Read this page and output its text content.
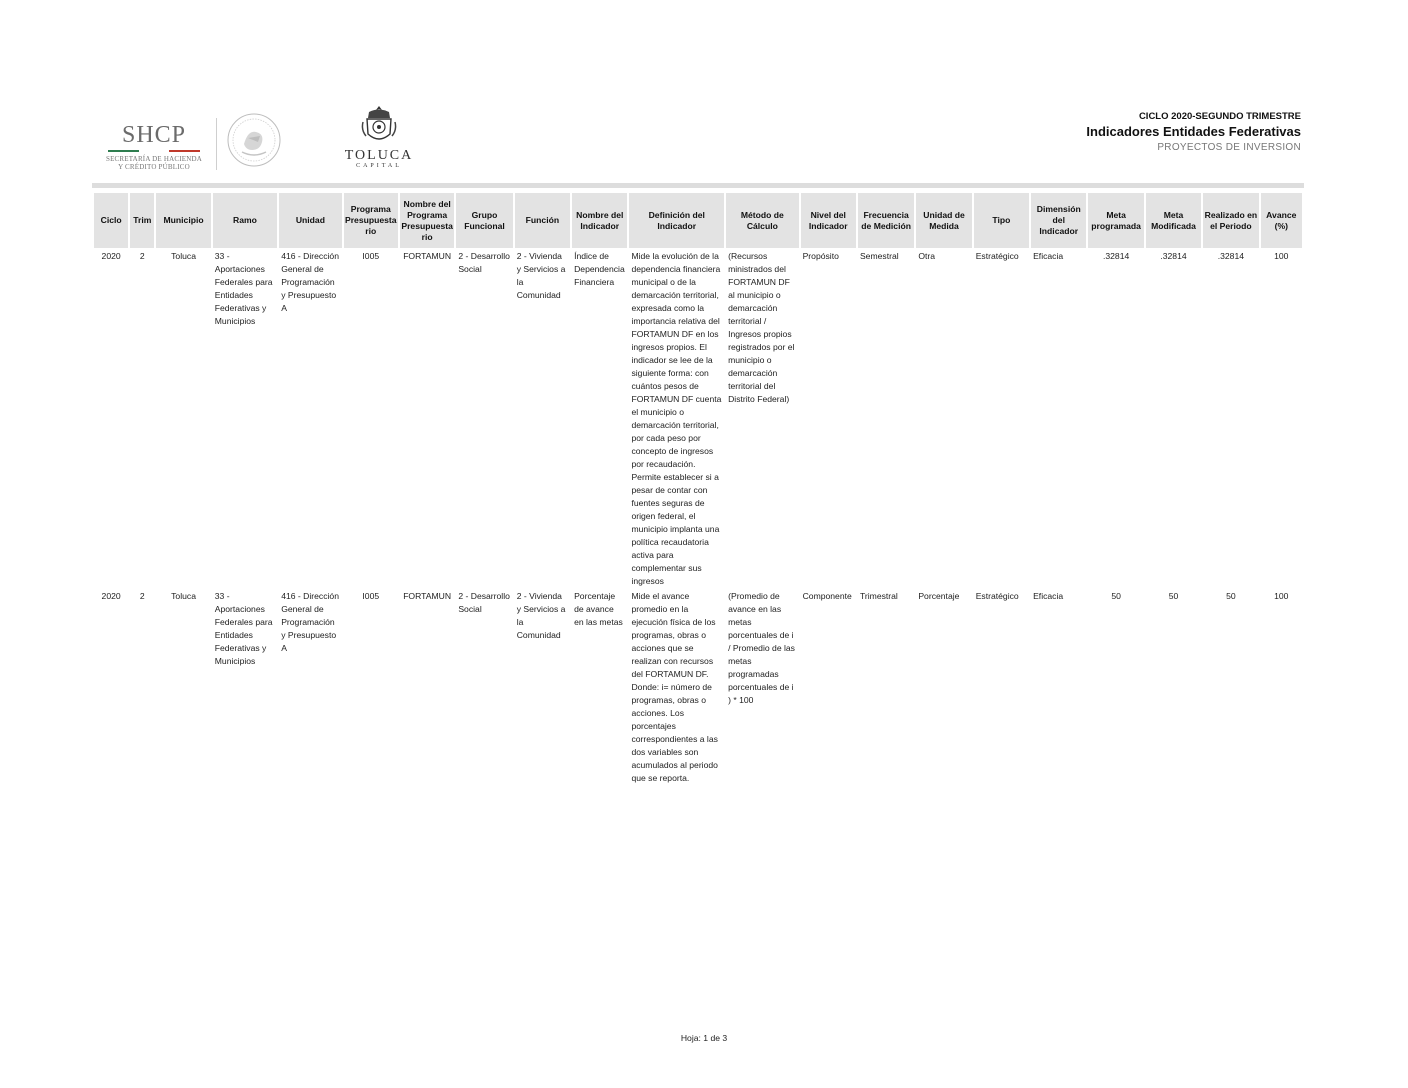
SHCP
SECRETARÍA DE HACIENDA
Y CRÉDITO PÚBLICO
TOLUCA
CAPITAL
CICLO 2020-SEGUNDO TRIMESTRE
Indicadores Entidades Federativas
PROYECTOS DE INVERSION
Ciclo	Trim	Municipio	Ramo	Unidad	Programa Presupuesta rio	Nombre del Programa Presupuesta rio	Grupo Funcional	Función	Nombre del Indicador	Definición del Indicador	Método de Cálculo	Nivel del Indicador	Frecuencia de Medición	Unidad de Medida	Tipo	Dimensión del Indicador	Meta programada	Meta Modificada	Realizado en el Periodo	Avance (%)
2020	2	Toluca	33 - Aportaciones Federales para Entidades Federativas y Municipios	416 - Dirección General de Programación y Presupuesto A	I005	FORTAMUN	2 - Desarrollo Social	2 - Vivienda y Servicios a la Comunidad	Índice de Dependencia Financiera	Mide la evolución de la dependencia financiera municipal o de la demarcación territorial, expresada como la importancia relativa del FORTAMUN DF en los ingresos propios. El indicador se lee de la siguiente forma: con cuántos pesos de FORTAMUN DF cuenta el municipio o demarcación territorial, por cada peso por concepto de ingresos por recaudación. Permite establecer si a pesar de contar con fuentes seguras de origen federal, el municipio implanta una política recaudatoria activa para complementar sus ingresos	(Recursos ministrados del FORTAMUN DF al municipio o demarcación territorial / Ingresos propios registrados por el municipio o demarcación territorial del Distrito Federal)	Propósito	Semestral	Otra	Estratégico	Eficacia	.32814	.32814	.32814	100
2020	2	Toluca	33 - Aportaciones Federales para Entidades Federativas y Municipios	416 - Dirección General de Programación y Presupuesto A	I005	FORTAMUN	2 - Desarrollo Social	2 - Vivienda y Servicios a la Comunidad	Porcentaje de avance en las metas	Mide el avance promedio en la ejecución física de los programas, obras o acciones que se realizan con recursos del FORTAMUN DF. Donde: i= número de programas, obras o acciones. Los porcentajes correspondientes a las dos variables son acumulados al periodo que se reporta.	(Promedio de avance en las metas porcentuales de i / Promedio de las metas programadas porcentuales de i ) * 100	Componente	Trimestral	Porcentaje	Estratégico	Eficacia	50	50	50	100
Hoja: 1 de 3
